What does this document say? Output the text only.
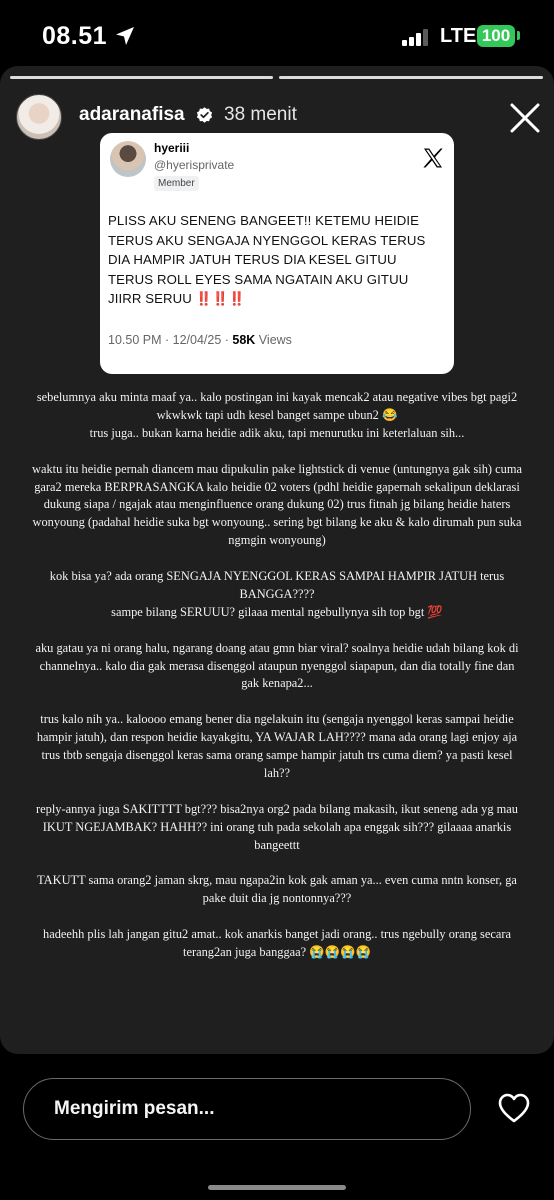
08.51	LTE 100
adaranafisa 38 menit
hyeriii
@hyerisprivate
Member
PLISS AKU SENENG BANGEET!! KETEMU HEIDIE TERUS AKU SENGAJA NYENGGOL KERAS TERUS DIA HAMPIR JATUH TERUS DIA KESEL GITUU TERUS ROLL EYES SAMA NGATAIN AKU GITUU JIIRR SERUU ‼️‼️‼️
10.50 PM · 12/04/25 · 58K Views

sebelumnya aku minta maaf ya.. kalo postingan ini kayak mencak2 atau negative vibes bgt pagi2 wkwkwk tapi udh kesel banget sampe ubun2 😂
trus juga.. bukan karna heidie adik aku, tapi menurutku ini keterlaluan sih...

waktu itu heidie pernah diancem mau dipukulin pake lightstick di venue (untungnya gak sih) cuma gara2 mereka BERPRASANGKA kalo heidie 02 voters (pdhl heidie gapernah sekalipun deklarasi dukung siapa / ngajak atau menginfluence orang dukung 02) trus fitnah jg bilang heidie haters wonyoung (padahal heidie suka bgt wonyoung.. sering bgt bilang ke aku & kalo dirumah pun suka ngmgin wonyoung)

kok bisa ya? ada orang SENGAJA NYENGGOL KERAS SAMPAI HAMPIR JATUH terus BANGGA????
sampe bilang SERUUU? gilaaa mental ngebullynya sih top bgt 💯

aku gatau ya ni orang halu, ngarang doang atau gmn biar viral? soalnya heidie udah bilang kok di channelnya.. kalo dia gak merasa disenggol ataupun nyenggol siapapun, dan dia totally fine dan gak kenapa2...

trus kalo nih ya.. kaloooo emang bener dia ngelakuin itu (sengaja nyenggol keras sampai heidie hampir jatuh), dan respon heidie kayakgitu, YA WAJAR LAH???? mana ada orang lagi enjoy aja trus tbtb sengaja disenggol keras sama orang sampe hampir jatuh trs cuma diem? ya pasti kesel lah??

reply-annya juga SAKITTTT bgt??? bisa2nya org2 pada bilang makasih, ikut seneng ada yg mau IKUT NGEJAMBAK? HAHH?? ini orang tuh pada sekolah apa enggak sih??? gilaaaa anarkis bangeettt

TAKUTT sama orang2 jaman skrg, mau ngapa2in kok gak aman ya... even cuma nntn konser, ga pake duit dia jg nontonnya???

hadeehh plis lah jangan gitu2 amat.. kok anarkis banget jadi orang.. trus ngebully orang secara terang2an juga banggaa? 😭😭😭😭

Mengirim pesan...
